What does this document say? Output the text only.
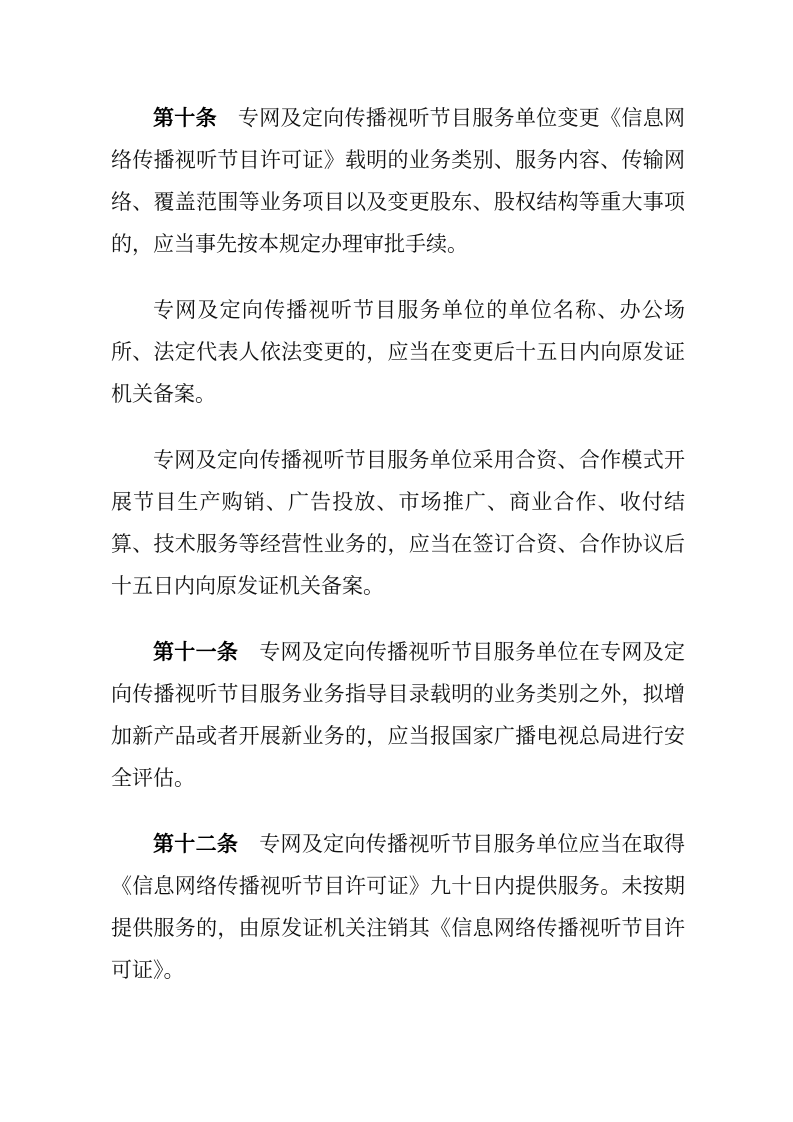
第十条 专网及定向传播视听节目服务单位变更《信息网络传播视听节目许可证》载明的业务类别、服务内容、传输网络、覆盖范围等业务项目以及变更股东、股权结构等重大事项的，应当事先按本规定办理审批手续。

专网及定向传播视听节目服务单位的单位名称、办公场所、法定代表人依法变更的，应当在变更后十五日内向原发证机关备案。

专网及定向传播视听节目服务单位采用合资、合作模式开展节目生产购销、广告投放、市场推广、商业合作、收付结算、技术服务等经营性业务的，应当在签订合资、合作协议后十五日内向原发证机关备案。

第十一条 专网及定向传播视听节目服务单位在专网及定向传播视听节目服务业务指导目录载明的业务类别之外，拟增加新产品或者开展新业务的，应当报国家广播电视总局进行安全评估。

第十二条 专网及定向传播视听节目服务单位应当在取得《信息网络传播视听节目许可证》九十日内提供服务。未按期提供服务的，由原发证机关注销其《信息网络传播视听节目许可证》。
